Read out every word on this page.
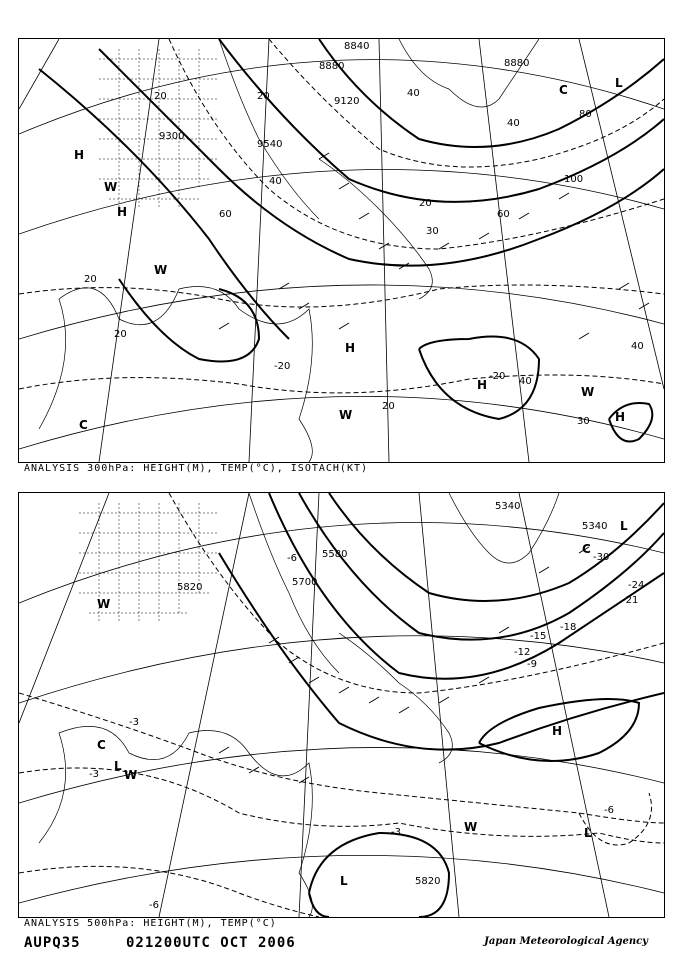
8840
8880
9120
9300
9540
8880
20	40
60
80
100
20
40
60
30
20
40
40
-20
-20
20
20
20
30
40
H
H
H
H
H
L
C
C
W
W
W
W
ANALYSIS 300hPa: HEIGHT(M), TEMP(°C), ISOTACH(KT)
5340
5580
5700
5820
5340
5820
-30
-24
-21
-18
-15
-12
-9
-3
-3
-3
-6
-6
-6
L
L
L
L
H
C
C
W
W
W
ANALYSIS 500hPa: HEIGHT(M), TEMP(°C)
AUPQ35	021200UTC OCT 2006	Japan Meteorological Agency
